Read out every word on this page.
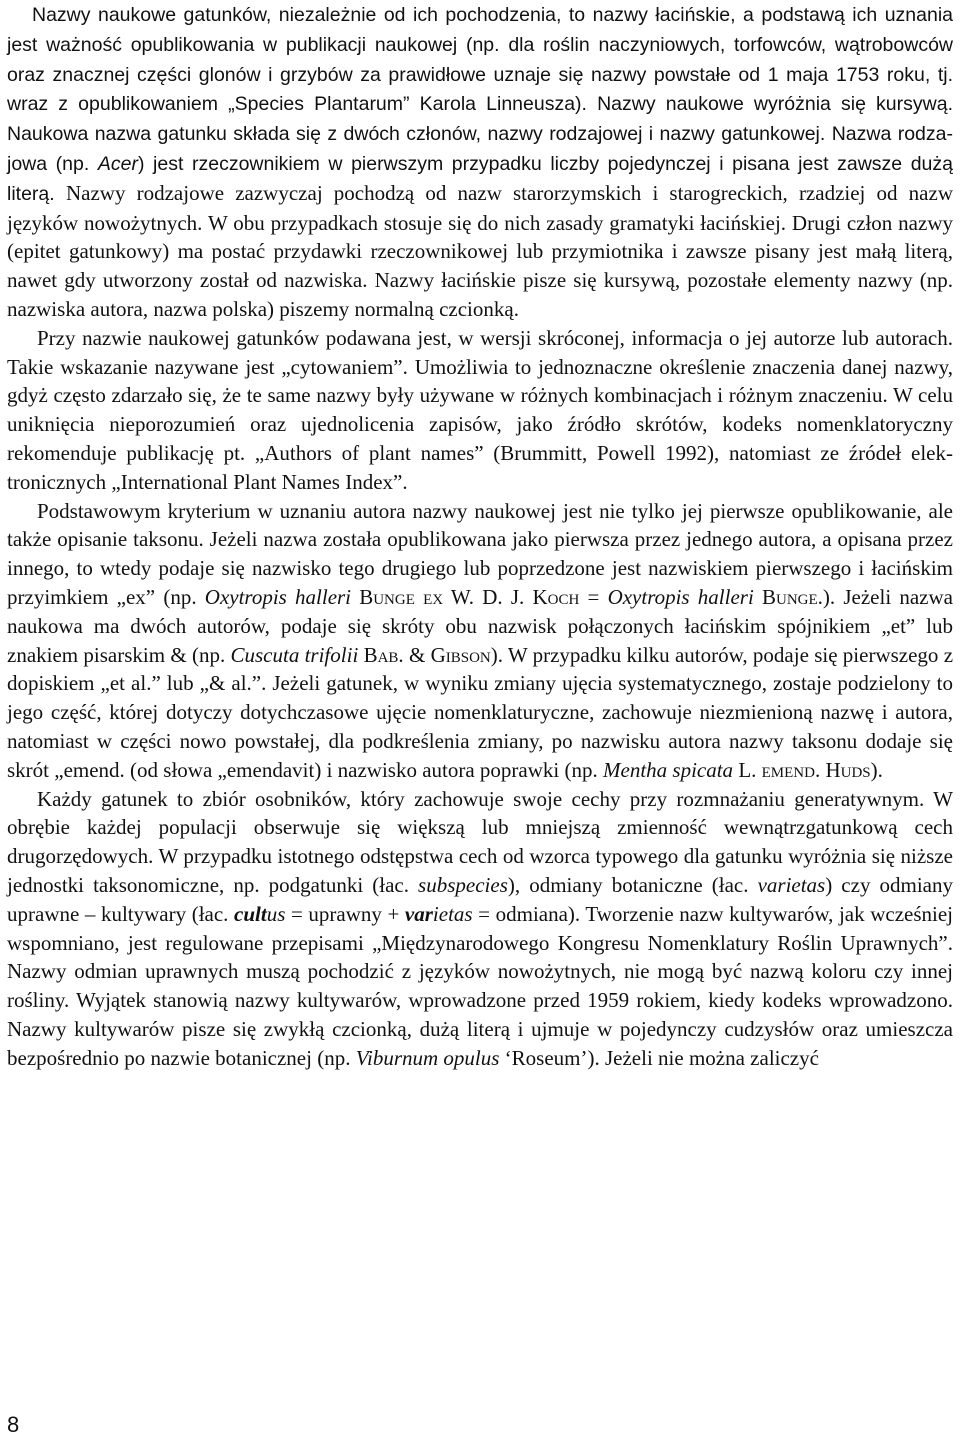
Nazwy naukowe gatunków, niezależnie od ich pochodzenia, to nazwy łacińskie, a podstawą ich uznania jest ważność opublikowania w publikacji naukowej (np. dla roślin naczyniowych, torfowców, wątrobowców oraz znacznej części glonów i grzybów za prawidłowe uznaje się nazwy powstałe od 1 maja 1753 roku, tj. wraz z opublikowaniem „Species Plantarum” Karola Linneusza). Nazwy naukowe wyróżnia się kursywą. Naukowa nazwa gatunku składa się z dwóch członów, nazwy rodzajowej i nazwy gatunkowej. Nazwa rodzajowa (np. Acer) jest rzeczownikiem w pierwszym przypadku liczby pojedynczej i pisana jest zawsze dużą literą. Nazwy rodzajowe zazwyczaj pochodzą od nazw starorzymskich i starogreckich, rzadziej od nazw języków nowożytnych. W obu przypadkach stosuje się do nich zasady gramatyki łacińskiej. Drugi człon nazwy (epitet gatunkowy) ma postać przydawki rzeczownikowej lub przymiotnika i zawsze pisany jest małą literą, nawet gdy utworzony został od nazwiska. Nazwy łacińskie pisze się kursywą, pozostałe elementy nazwy (np. nazwiska autora, nazwa polska) piszemy normalną czcionką.

Przy nazwie naukowej gatunków podawana jest, w wersji skróconej, informacja o jej autorze lub autorach. Takie wskazanie nazywane jest „cytowaniem”. Umożliwia to jednoznaczne określenie znaczenia danej nazwy, gdyż często zdarzało się, że te same nazwy były używane w różnych kombinacjach i różnym znaczeniu. W celu uniknięcia nieporozumień oraz ujednolicenia zapisów, jako źródło skrótów, kodeks nomenklatoryczny rekomenduje publikację pt. „Authors of plant names” (Brummitt, Powell 1992), natomiast ze źródeł elektronicznych „International Plant Names Index”.

Podstawowym kryterium w uznaniu autora nazwy naukowej jest nie tylko jej pierwsze opublikowanie, ale także opisanie taksonu. Jeżeli nazwa została opublikowana jako pierwsza przez jednego autora, a opisana przez innego, to wtedy podaje się nazwisko tego drugiego lub poprzedzone jest nazwiskiem pierwszego i łacińskim przyimkiem „ex” (np. Oxytropis halleri Bunge ex W. D. J. Koch = Oxytropis halleri Bunge.). Jeżeli nazwa naukowa ma dwóch autorów, podaje się skróty obu nazwisk połączonych łacińskim spójnikiem „et” lub znakiem pisarskim & (np. Cuscuta trifolii Bab. & Gibson). W przypadku kilku autorów, podaje się pierwszego z dopiskiem „et al.” lub „& al.”. Jeżeli gatunek, w wyniku zmiany ujęcia systematycznego, zostaje podzielony to jego część, której dotyczy dotychczasowe ujęcie nomenklaturyczne, zachowuje niezmienioną nazwę i autora, natomiast w części nowo powstałej, dla podkreślenia zmiany, po nazwisku autora nazwy taksonu dodaje się skrót „emend. (od słowa „emendavit) i nazwisko autora poprawki (np. Mentha spicata L. emend. Huds).

Każdy gatunek to zbiór osobników, który zachowuje swoje cechy przy rozmnażaniu generatywnym. W obrębie każdej populacji obserwuje się większą lub mniejszą zmienność wewnątrzgatunkową cech drugorzędowych. W przypadku istotnego odstępstwa cech od wzorca typowego dla gatunku wyróżnia się niższe jednostki taksonomiczne, np. podgatunki (łac. subspecies), odmiany botaniczne (łac. varietas) czy odmiany uprawne – kultywary (łac. cultus = uprawny + varietas = odmiana). Tworzenie nazw kultywarów, jak wcześniej wspomniano, jest regulowane przepisami „Międzynarodowego Kongresu Nomenklatury Roślin Uprawnych”. Nazwy odmian uprawnych muszą pochodzić z języków nowożytnych, nie mogą być nazwą koloru czy innej rośliny. Wyjątek stanowią nazwy kultywarów, wprowadzone przed 1959 rokiem, kiedy kodeks wprowadzono. Nazwy kultywarów pisze się zwykłą czcionką, dużą literą i ujmuje w pojedynczy cudzysłów oraz umieszcza bezpośrednio po nazwie botanicznej (np. Viburnum opulus ‘Roseum’). Jeżeli nie można zaliczyć

8
